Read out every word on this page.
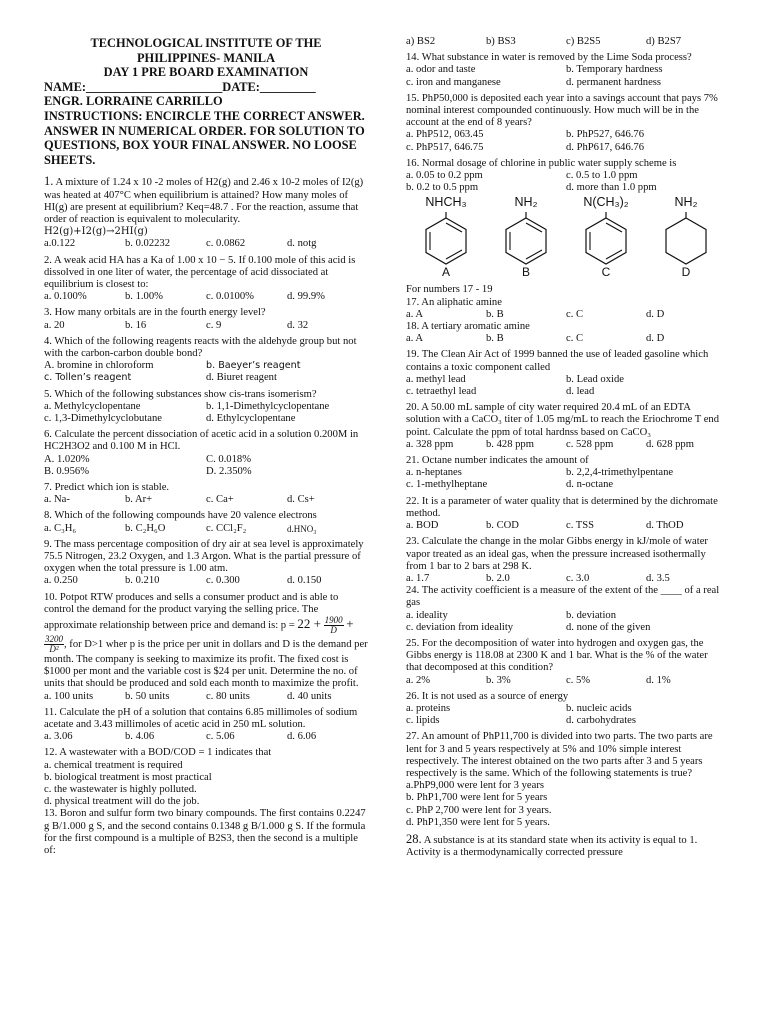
TECHNOLOGICAL INSTITUTE OF THE
PHILIPPINES- MANILA
DAY 1 PRE BOARD EXAMINATION
NAME:______________________DATE:_________
ENGR. LORRAINE CARRILLO
INSTRUCTIONS: ENCIRCLE THE CORRECT ANSWER. ANSWER IN NUMERICAL ORDER. FOR SOLUTION TO QUESTIONS, BOX YOUR FINAL ANSWER. NO LOOSE SHEETS.

1. A mixture of 1.24 x 10 -2 moles of H2(g) and 2.46 x 10-2 moles of I2(g) was heated at 407°C when equilibrium is attained? How many moles of HI(g) are present at equilibrium? Keq=48.7 . For the reaction, assume that order of reaction is equivalent to molecularity.

H2(g)+I2(g)→2HI(g)

a.0.122	b. 0.02232	c. 0.0862	d. notg

2. A weak acid HA has a Ka of 1.00 x 10 − 5. If 0.100 mole of this acid is dissolved in one liter of water, the percentage of acid dissociated at equilibrium is closest to:

a. 0.100%	b. 1.00%	c. 0.0100%	d. 99.9%

3. How many orbitals are in the fourth energy level?

a. 20	b. 16	c. 9	d. 32

4. Which of the following reagents reacts with the aldehyde group but not with the carbon-carbon double bond?

A. bromine in chloroform	b. Baeyer’s reagent
c. Tollen’s reagent	d. Biuret reagent

5. Which of the following substances show cis-trans isomerism?

a. Methylcyclopentane	b. 1,1-Dimethylcyclopentane
c. 1,3-Dimethylcyclobutane	d. Ethylcyclopentane

6. Calculate the percent dissociation of acetic acid in a solution 0.200M in HC2H3O2 and 0.100 M in HCl.

A. 1.020%	C. 0.018%
B. 0.956%	D. 2.350%

7. Predict which ion is stable.

a. Na-	b. Ar+	c. Ca+	d. Cs+

8. Which of the following compounds have 20 valence electrons

a. C₃H₆	b. C₂H₆O	c. CCl₂F₂	d.HNO₃

9. The mass percentage composition of dry air at sea level is approximately 75.5 Nitrogen, 23.2 Oxygen, and 1.3 Argon. What is the partial pressure of oxygen when the total pressure is 1.00 atm.

a. 0.250	b. 0.210	c. 0.300	d. 0.150

10. Potpot RTW produces and sells a consumer product and is able to control the demand for the product varying the selling price. The approximate relationship between price and demand is: $p = 22 + \frac{1900}{D}$ +
$\frac{3200}{\text{D²}}$, for D>1 wher p is the price per unit in dollars and D is the demand per month. The company is seeking to maximize its profit. The fixed cost is $1000 per mont and the variable cost is $24 per unit. Determine the no. of units that should be produced and sold each month to maximize the profit.

a. 100 units	b. 50 units	c. 80 units	d. 40 units

11. Calculate the pH of a solution that contains 6.85 millimoles of sodium acetate and 3.43 millimoles of acetic acid in 250 mL solution.

a. 3.06	b. 4.06	c. 5.06	d. 6.06

12. A wastewater with a BOD/COD = 1 indicates that

a. chemical treatment is required

b. biological treatment is most practical

c. the wastewater is highly polluted.

d. physical treatment will do the job.

13. Boron and sulfur form two binary compounds. The first contains 0.2247 g B/1.000 g S, and the second contains 0.1348 g B/1.000 g S. If the formula for the first compound is a multiple of B2S3, then the second is a multiple of:

a) BS2	b) BS3	c) B2S5	d) B2S7

14. What substance in water is removed by the Lime Soda process?

a. odor and taste	b. Temporary hardness
c. iron and manganese	d. permanent hardness

15. PhP50,000 is deposited each year into a savings account that pays 7% nominal interest compounded continuously. How much will be in the account at the end of 8 years?

a. PhP512, 063.45	b. PhP527, 646.76
c. PhP517, 646.75	d. PhP617, 646.76

16. Normal dosage of chlorine in public water supply scheme is

a. 0.05 to 0.2 ppm	c. 0.5 to 1.0 ppm
b. 0.2 to 0.5 ppm	d. more than 1.0 ppm
NHCH₃
A
NH₂
B
N(CH₃)₂
C
NH₂
D

For numbers 17 - 19

17. An aliphatic amine

a. A	b. B	c. C	d. D

18. A tertiary aromatic amine

a. A	b. B	c. C	d. D

19. The Clean Air Act of 1999 banned the use of leaded gasoline which contains a toxic component called

a. methyl lead	b. Lead oxide
c. tetraethyl lead	d. lead

20. A 50.00 mL sample of city water required 20.4 mL of an EDTA solution with a CaCO₃ titer of 1.05 mg/mL to reach the Eriochrome T end point. Calculate the ppm of total hardnss based on CaCO₃

a. 328 ppm	b. 428 ppm	c. 528 ppm	d. 628 ppm

21. Octane number indicates the amount of

a. n-heptanes	b. 2,2,4-trimethylpentane
c. 1-methylheptane	d. n-octane

22. It is a parameter of water quality that is determined by the dichromate method.

a. BOD	b. COD	c. TSS	d. ThOD

23. Calculate the change in the molar Gibbs energy in kJ/mole of water vapor treated as an ideal gas, when the pressure increased isothermally from 1 bar to 2 bars at 298 K.

a. 1.7	b. 2.0	c. 3.0	d. 3.5

24. The activity coefficient is a measure of the extent of the ____ of a real gas

a. ideality	b. deviation
c. deviation from ideality	d. none of the given

25. For the decomposition of water into hydrogen and oxygen gas, the Gibbs energy is 118.08 at 2300 K and 1 bar. What is the % of the water that decomposed at this condition?

a. 2%	b. 3%	c. 5%	d. 1%

26. It is not used as a source of energy

a. proteins	b. nucleic acids
c. lipids	d. carbohydrates

27. An amount of PhP11,700 is divided into two parts. The two parts are lent for 3 and 5 years respectively at 5% and 10% simple interest respectively. The interest obtained on the two parts after 3 and 5 years respectively is the same. Which of the following statements is true?

a.PhP9,000 were lent for 3 years

b. PhP1,700 were lent for 5 years

c. PhP 2,700 were lent for 3 years.

d. PhP1,350 were lent for 5 years.

28. A substance is at its standard state when its activity is equal to 1. Activity is a thermodynamically corrected pressure
